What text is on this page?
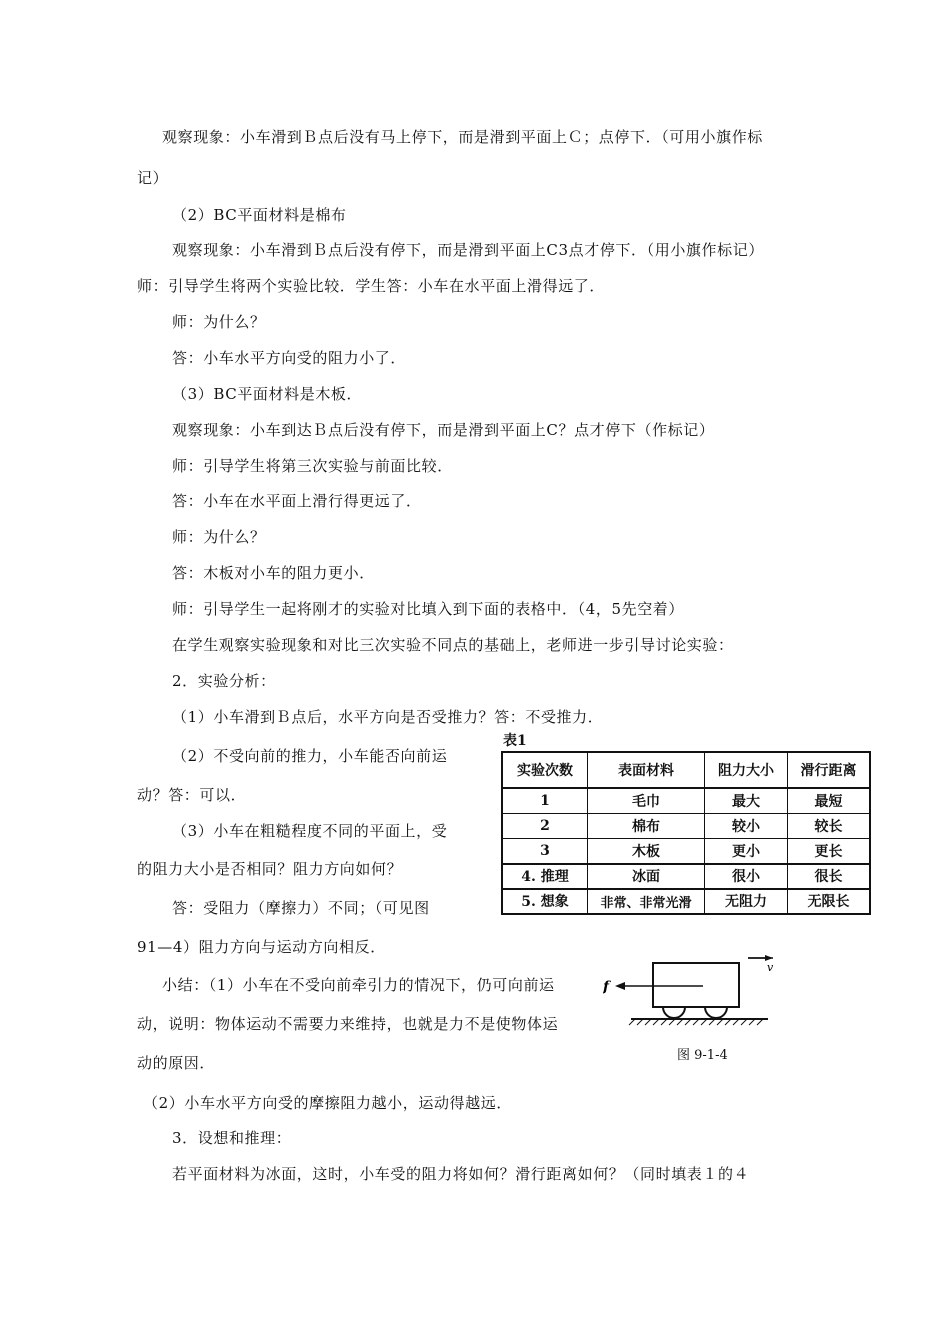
观察现象：小车滑到Ｂ点后没有马上停下，而是滑到平面上Ｃ；点停下．（可用小旗作标
记）
（2）BC平面材料是棉布
观察现象：小车滑到Ｂ点后没有停下，而是滑到平面上C3点才停下．（用小旗作标记）
师：引导学生将两个实验比较．学生答：小车在水平面上滑得远了．
师：为什么？
答：小车水平方向受的阻力小了．
（3）BC平面材料是木板．
观察现象：小车到达Ｂ点后没有停下，而是滑到平面上C？点才停下（作标记）
师：引导学生将第三次实验与前面比较．
答：小车在水平面上滑行得更远了．
师：为什么？
答：木板对小车的阻力更小．
师：引导学生一起将刚才的实验对比填入到下面的表格中．（4，5先空着）
在学生观察实验现象和对比三次实验不同点的基础上，老师进一步引导讨论实验：
2．实验分析：
（1）小车滑到Ｂ点后，水平方向是否受推力？答：不受推力．
（2）不受向前的推力，小车能否向前运
动？答：可以．
（3）小车在粗糙程度不同的平面上，受
的阻力大小是否相同？阻力方向如何？
答：受阻力（摩擦力）不同；（可见图
91—4）阻力方向与运动方向相反．
小结：（1）小车在不受向前牵引力的情况下，仍可向前运
动，说明：物体运动不需要力来维持，也就是力不是使物体运
动的原因．
（2）小车水平方向受的摩擦阻力越小，运动得越远．
3．设想和推理：
若平面材料为冰面，这时，小车受的阻力将如何？滑行距离如何？（同时填表１的４
表1
实验次数	表面材料	阻力大小	滑行距离
1	毛巾	最大	最短
2	棉布	较小	较长
3	木板	更小	更长
4. 推理	冰面	很小	很长
5. 想象	非常、非常光滑	无阻力	无限长
v
f
图 9-1-4
